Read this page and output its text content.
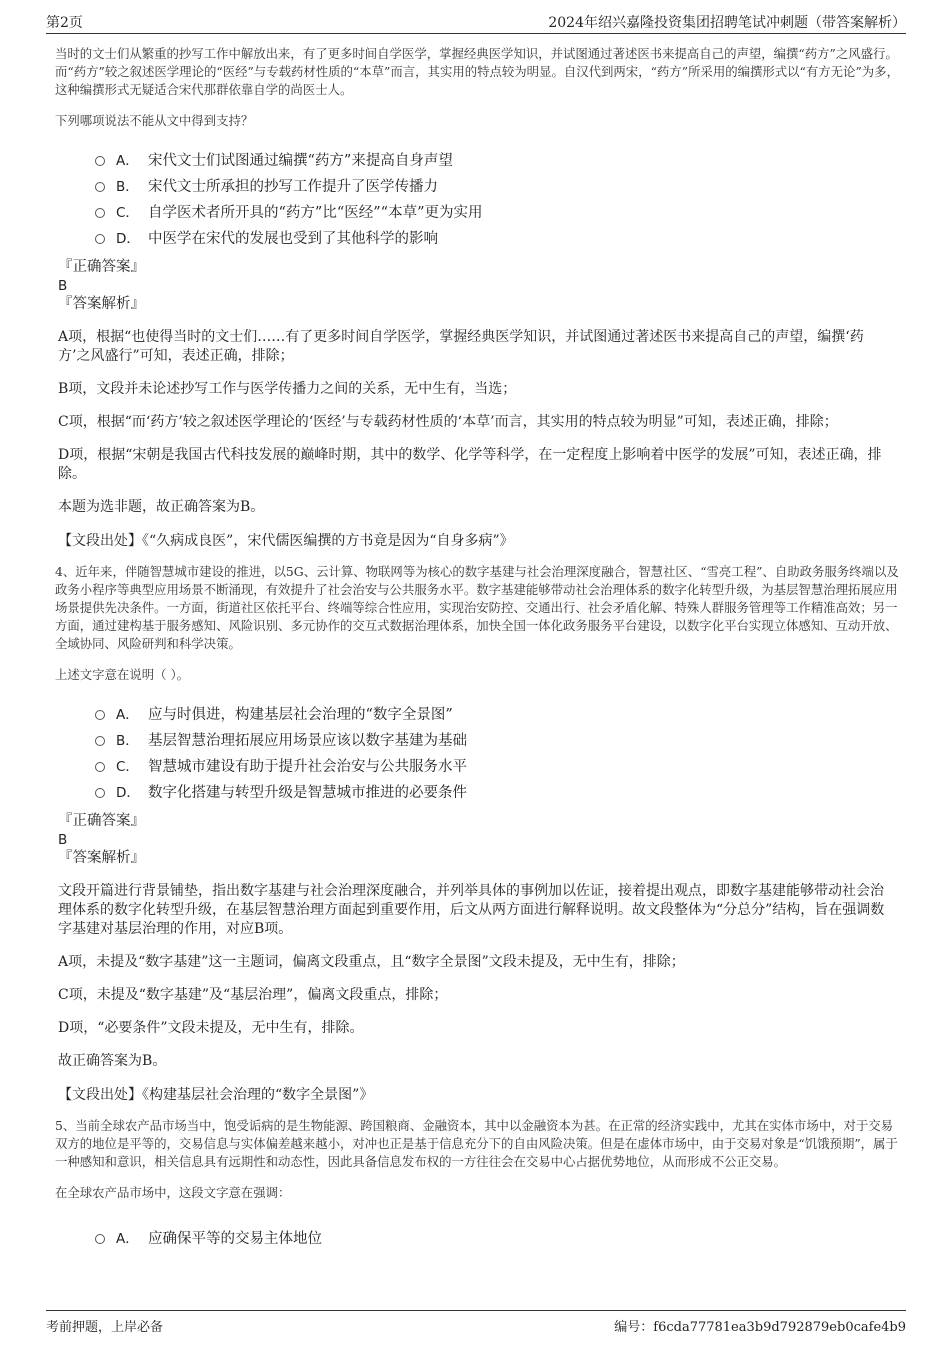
第2页	2024年绍兴嘉隆投资集团招聘笔试冲刺题（带答案解析）

当时的文士们从繁重的抄写工作中解放出来，有了更多时间自学医学，掌握经典医学知识，并试图通过著述医书来提高自己的声望，编撰“药方”之风盛行。而“药方”较之叙述医学理论的“医经”与专载药材性质的“本草”而言，其实用的特点较为明显。自汉代到两宋，“药方”所采用的编撰形式以“有方无论”为多，这种编撰形式无疑适合宋代那群依靠自学的尚医士人。

下列哪项说法不能从文中得到支持？

A． 宋代文士们试图通过编撰“药方”来提高自身声望
B． 宋代文士所承担的抄写工作提升了医学传播力
C． 自学医术者所开具的“药方”比“医经”“本草”更为实用
D． 中医学在宋代的发展也受到了其他科学的影响

『正确答案』

B

『答案解析』

A项，根据“也使得当时的文士们……有了更多时间自学医学，掌握经典医学知识，并试图通过著述医书来提高自己的声望，编撰‘药方’之风盛行”可知，表述正确，排除；

B项，文段并未论述抄写工作与医学传播力之间的关系，无中生有，当选；

C项，根据“而‘药方’较之叙述医学理论的‘医经’与专载药材性质的‘本草’而言，其实用的特点较为明显”可知，表述正确，排除；

D项，根据“宋朝是我国古代科技发展的巅峰时期，其中的数学、化学等科学，在一定程度上影响着中医学的发展”可知，表述正确，排除。

本题为选非题，故正确答案为B。

【文段出处】《“久病成良医”，宋代儒医编撰的方书竟是因为“自身多病”》

4、近年来，伴随智慧城市建设的推进，以5G、云计算、物联网等为核心的数字基建与社会治理深度融合，智慧社区、“雪亮工程”、自助政务服务终端以及政务小程序等典型应用场景不断涌现，有效提升了社会治安与公共服务水平。数字基建能够带动社会治理体系的数字化转型升级，为基层智慧治理拓展应用场景提供先决条件。一方面，街道社区依托平台、终端等综合性应用，实现治安防控、交通出行、社会矛盾化解、特殊人群服务管理等工作精准高效；另一方面，通过建构基于服务感知、风险识别、多元协作的交互式数据治理体系，加快全国一体化政务服务平台建设，以数字化平台实现立体感知、互动开放、全域协同、风险研判和科学决策。

上述文字意在说明（ ）。

A． 应与时俱进，构建基层社会治理的“数字全景图”
B． 基层智慧治理拓展应用场景应该以数字基建为基础
C． 智慧城市建设有助于提升社会治安与公共服务水平
D． 数字化搭建与转型升级是智慧城市推进的必要条件

『正确答案』

B

『答案解析』

文段开篇进行背景铺垫，指出数字基建与社会治理深度融合，并列举具体的事例加以佐证，接着提出观点，即数字基建能够带动社会治理体系的数字化转型升级，在基层智慧治理方面起到重要作用，后文从两方面进行解释说明。故文段整体为“分总分”结构，旨在强调数字基建对基层治理的作用，对应B项。

A项，未提及“数字基建”这一主题词，偏离文段重点，且“数字全景图”文段未提及，无中生有，排除；

C项，未提及“数字基建”及“基层治理”，偏离文段重点，排除；

D项，“必要条件”文段未提及，无中生有，排除。

故正确答案为B。

【文段出处】《构建基层社会治理的“数字全景图”》

5、当前全球农产品市场当中，饱受诟病的是生物能源、跨国粮商、金融资本，其中以金融资本为甚。在正常的经济实践中，尤其在实体市场中，对于交易双方的地位是平等的，交易信息与实体偏差越来越小，对冲也正是基于信息充分下的自由风险决策。但是在虚体市场中，由于交易对象是“饥饿预期”，属于一种感知和意识，相关信息具有远期性和动态性，因此具备信息发布权的一方往往会在交易中心占据优势地位，从而形成不公正交易。

在全球农产品市场中，这段文字意在强调：

A． 应确保平等的交易主体地位
考前押题，上岸必备	编号：f6cda77781ea3b9d792879eb0cafe4b9
